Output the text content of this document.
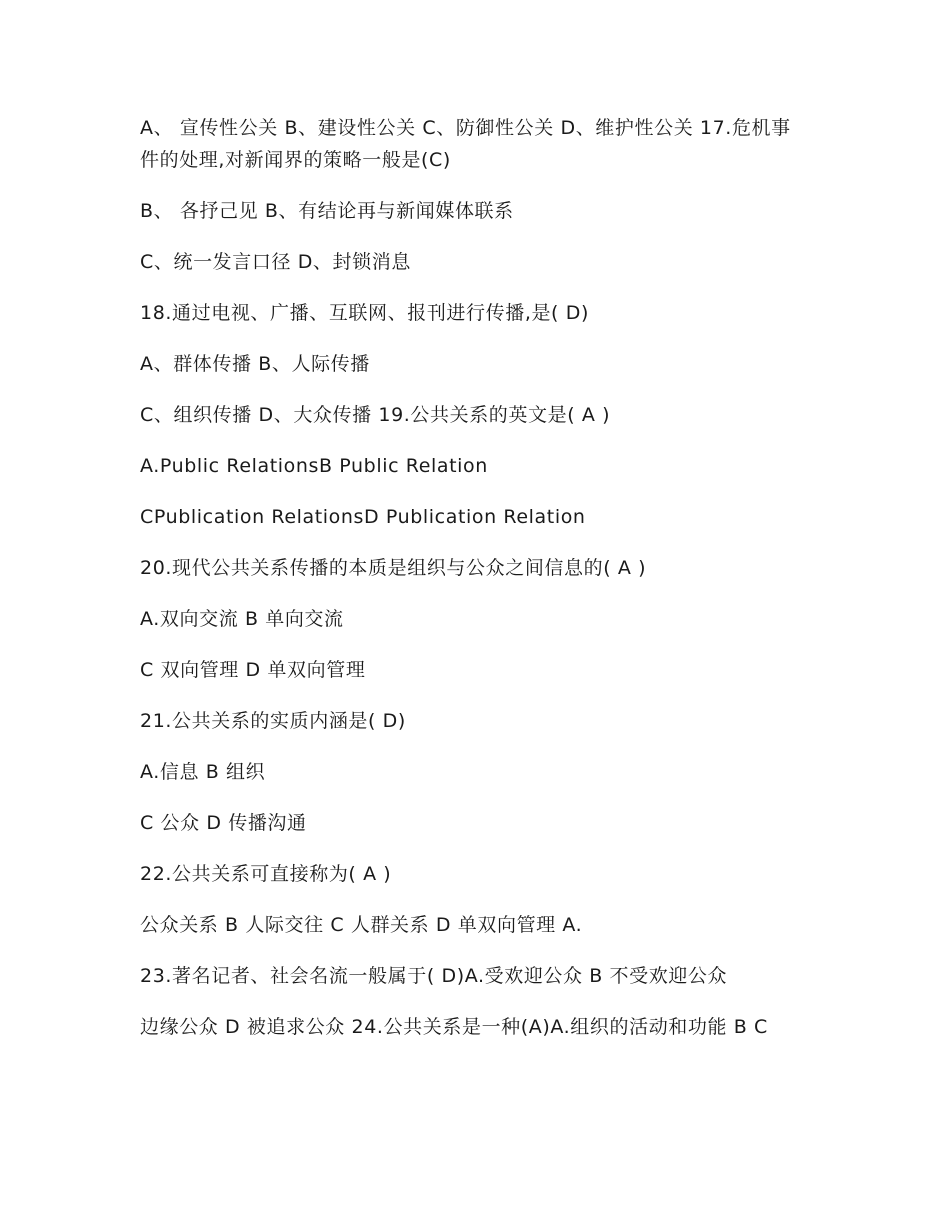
A、 宣传性公关 B、建设性公关 C、防御性公关 D、维护性公关 17.危机事件的处理,对新闻界的策略一般是(C)
B、 各抒己见 B、有结论再与新闻媒体联系
C、统一发言口径 D、封锁消息
18.通过电视、广播、互联网、报刊进行传播,是( D)
A、群体传播 B、人际传播
C、组织传播 D、大众传播 19.公共关系的英文是( A )
A.Public RelationsB Public Relation
CPublication RelationsD Publication Relation
20.现代公共关系传播的本质是组织与公众之间信息的( A )
A.双向交流 B 单向交流
C 双向管理 D 单双向管理
21.公共关系的实质内涵是( D)
A.信息 B 组织
C 公众 D 传播沟通
22.公共关系可直接称为( A )
公众关系 B 人际交往 C 人群关系 D 单双向管理 A.
23.著名记者、社会名流一般属于( D)A.受欢迎公众 B 不受欢迎公众
边缘公众 D 被追求公众 24.公共关系是一种(A)A.组织的活动和功能 B C
